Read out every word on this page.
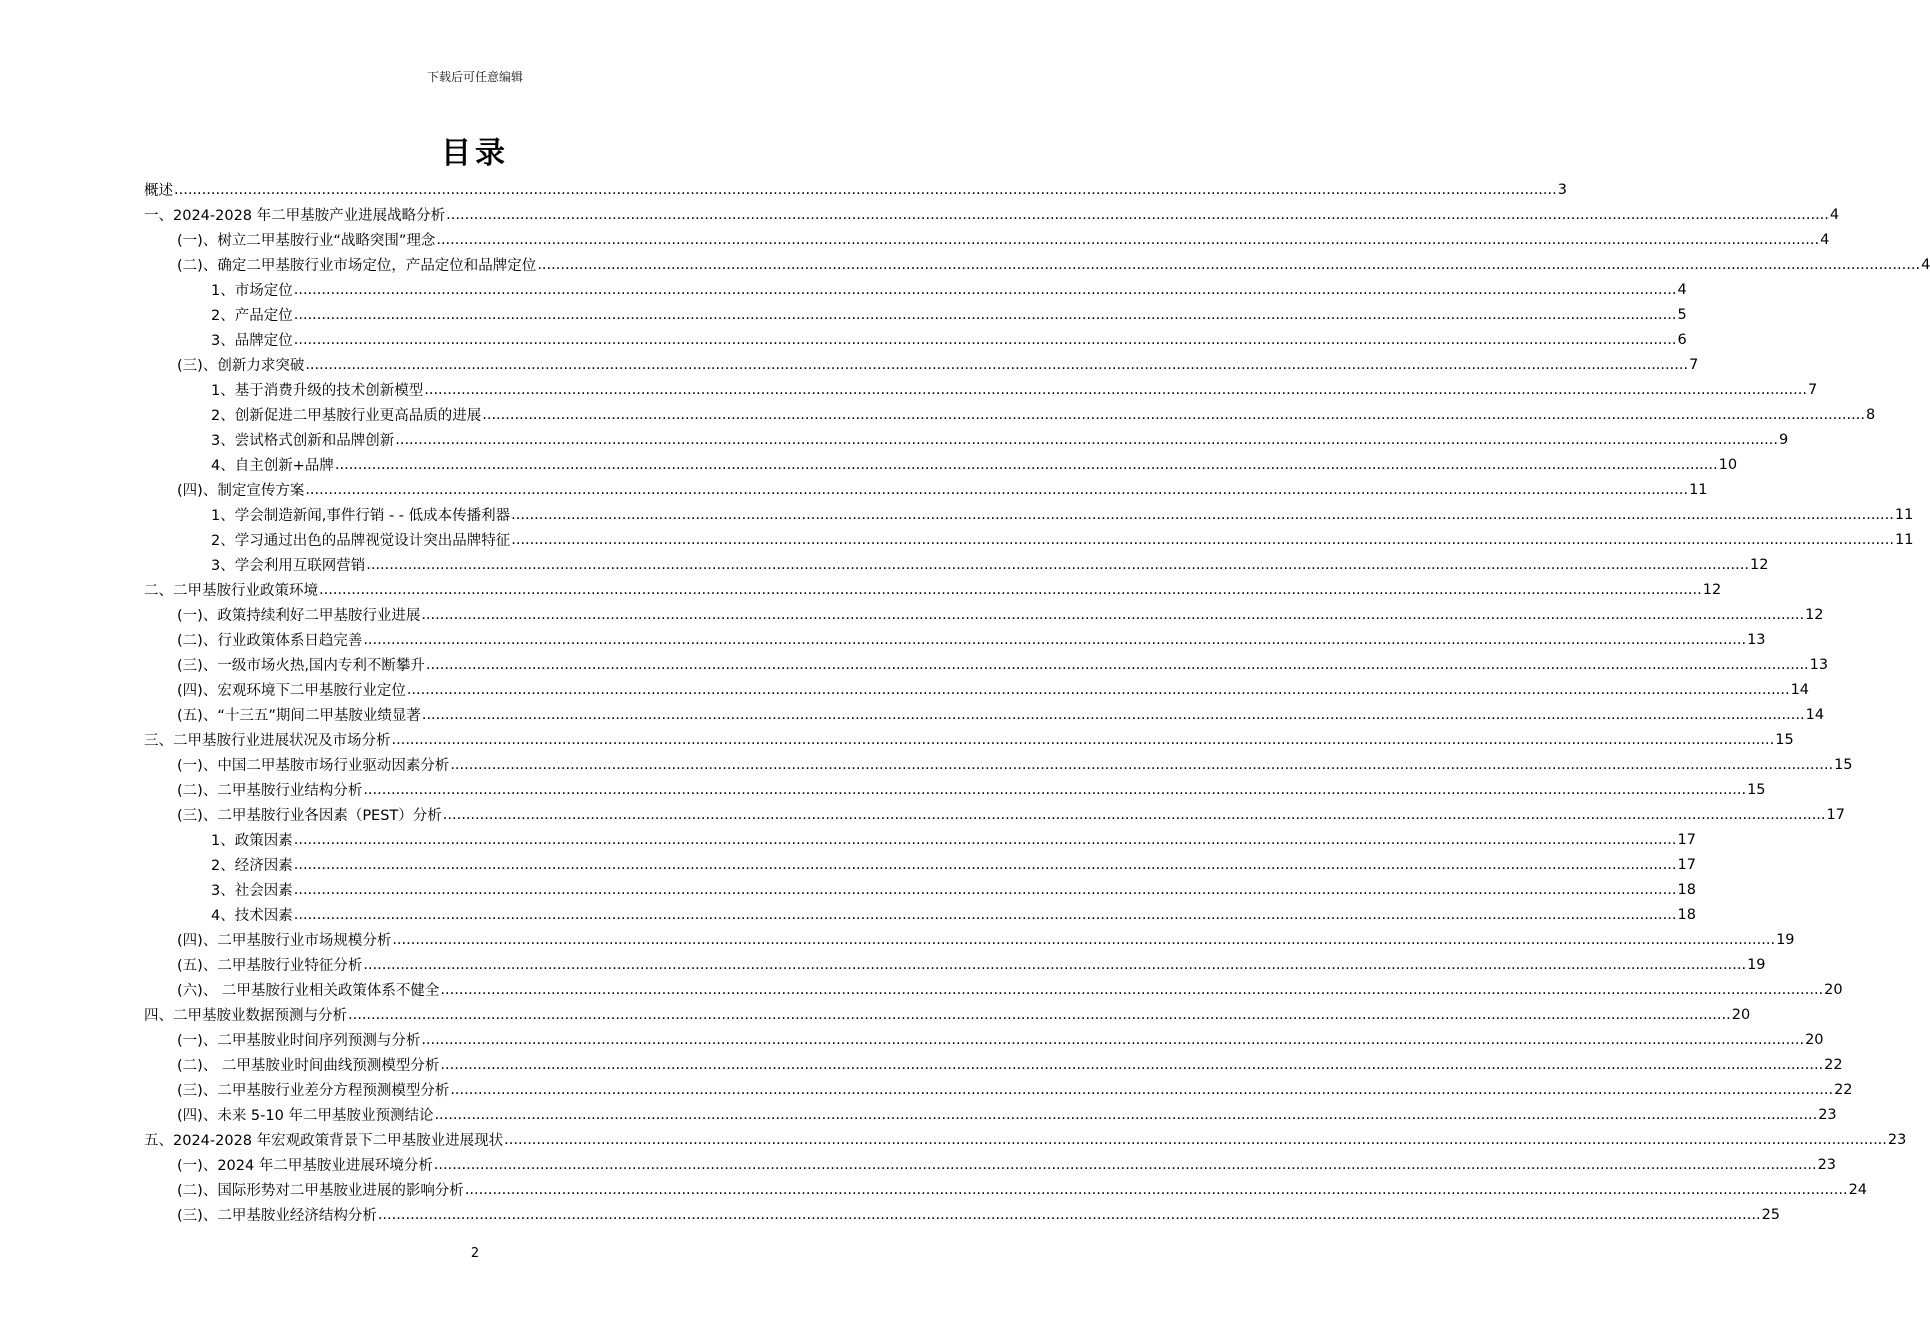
下载后可任意编辑
目录
概述 ............................................................................................................................................................................................................................................................................................................ 3
一、2024-2028 年二甲基胺产业进展战略分析 ............................................................................................................................................................................................................................................................................................................ 4
(一)、树立二甲基胺行业“战略突围”理念 ............................................................................................................................................................................................................................................................................................................ 4
(二)、确定二甲基胺行业市场定位，产品定位和品牌定位 ............................................................................................................................................................................................................................................................................................................ 4
1、市场定位 ............................................................................................................................................................................................................................................................................................................ 4
2、产品定位 ............................................................................................................................................................................................................................................................................................................ 5
3、品牌定位 ............................................................................................................................................................................................................................................................................................................ 6
(三)、创新力求突破 ............................................................................................................................................................................................................................................................................................................ 7
1、基于消费升级的技术创新模型 ............................................................................................................................................................................................................................................................................................................ 7
2、创新促进二甲基胺行业更高品质的进展 ............................................................................................................................................................................................................................................................................................................ 8
3、尝试格式创新和品牌创新 ............................................................................................................................................................................................................................................................................................................ 9
4、自主创新+品牌 ............................................................................................................................................................................................................................................................................................................ 10
(四)、制定宣传方案 ............................................................................................................................................................................................................................................................................................................ 11
1、学会制造新闻,事件行销 - - 低成本传播利器 ............................................................................................................................................................................................................................................................................................................ 11
2、学习通过出色的品牌视觉设计突出品牌特征 ............................................................................................................................................................................................................................................................................................................ 11
3、学会利用互联网营销 ............................................................................................................................................................................................................................................................................................................ 12
二、二甲基胺行业政策环境 ............................................................................................................................................................................................................................................................................................................ 12
(一)、政策持续利好二甲基胺行业进展 ............................................................................................................................................................................................................................................................................................................ 12
(二)、行业政策体系日趋完善 ............................................................................................................................................................................................................................................................................................................ 13
(三)、一级市场火热,国内专利不断攀升 ............................................................................................................................................................................................................................................................................................................ 13
(四)、宏观环境下二甲基胺行业定位 ............................................................................................................................................................................................................................................................................................................ 14
(五)、“十三五”期间二甲基胺业绩显著 ............................................................................................................................................................................................................................................................................................................ 14
三、二甲基胺行业进展状况及市场分析 ............................................................................................................................................................................................................................................................................................................ 15
(一)、中国二甲基胺市场行业驱动因素分析 ............................................................................................................................................................................................................................................................................................................ 15
(二)、二甲基胺行业结构分析 ............................................................................................................................................................................................................................................................................................................ 15
(三)、二甲基胺行业各因素（PEST）分析 ............................................................................................................................................................................................................................................................................................................ 17
1、政策因素 ............................................................................................................................................................................................................................................................................................................ 17
2、经济因素 ............................................................................................................................................................................................................................................................................................................ 17
3、社会因素 ............................................................................................................................................................................................................................................................................................................ 18
4、技术因素 ............................................................................................................................................................................................................................................................................................................ 18
(四)、二甲基胺行业市场规模分析 ............................................................................................................................................................................................................................................................................................................ 19
(五)、二甲基胺行业特征分析 ............................................................................................................................................................................................................................................................................................................ 19
(六)、 二甲基胺行业相关政策体系不健全 ............................................................................................................................................................................................................................................................................................................ 20
四、二甲基胺业数据预测与分析 ............................................................................................................................................................................................................................................................................................................ 20
(一)、二甲基胺业时间序列预测与分析 ............................................................................................................................................................................................................................................................................................................ 20
(二)、 二甲基胺业时间曲线预测模型分析 ............................................................................................................................................................................................................................................................................................................ 22
(三)、二甲基胺行业差分方程预测模型分析 ............................................................................................................................................................................................................................................................................................................ 22
(四)、未来 5-10 年二甲基胺业预测结论 ............................................................................................................................................................................................................................................................................................................ 23
五、2024-2028 年宏观政策背景下二甲基胺业进展现状 ............................................................................................................................................................................................................................................................................................................ 23
(一)、2024 年二甲基胺业进展环境分析 ............................................................................................................................................................................................................................................................................................................ 23
(二)、国际形势对二甲基胺业进展的影响分析 ............................................................................................................................................................................................................................................................................................................ 24
(三)、二甲基胺业经济结构分析 ............................................................................................................................................................................................................................................................................................................ 25
2
